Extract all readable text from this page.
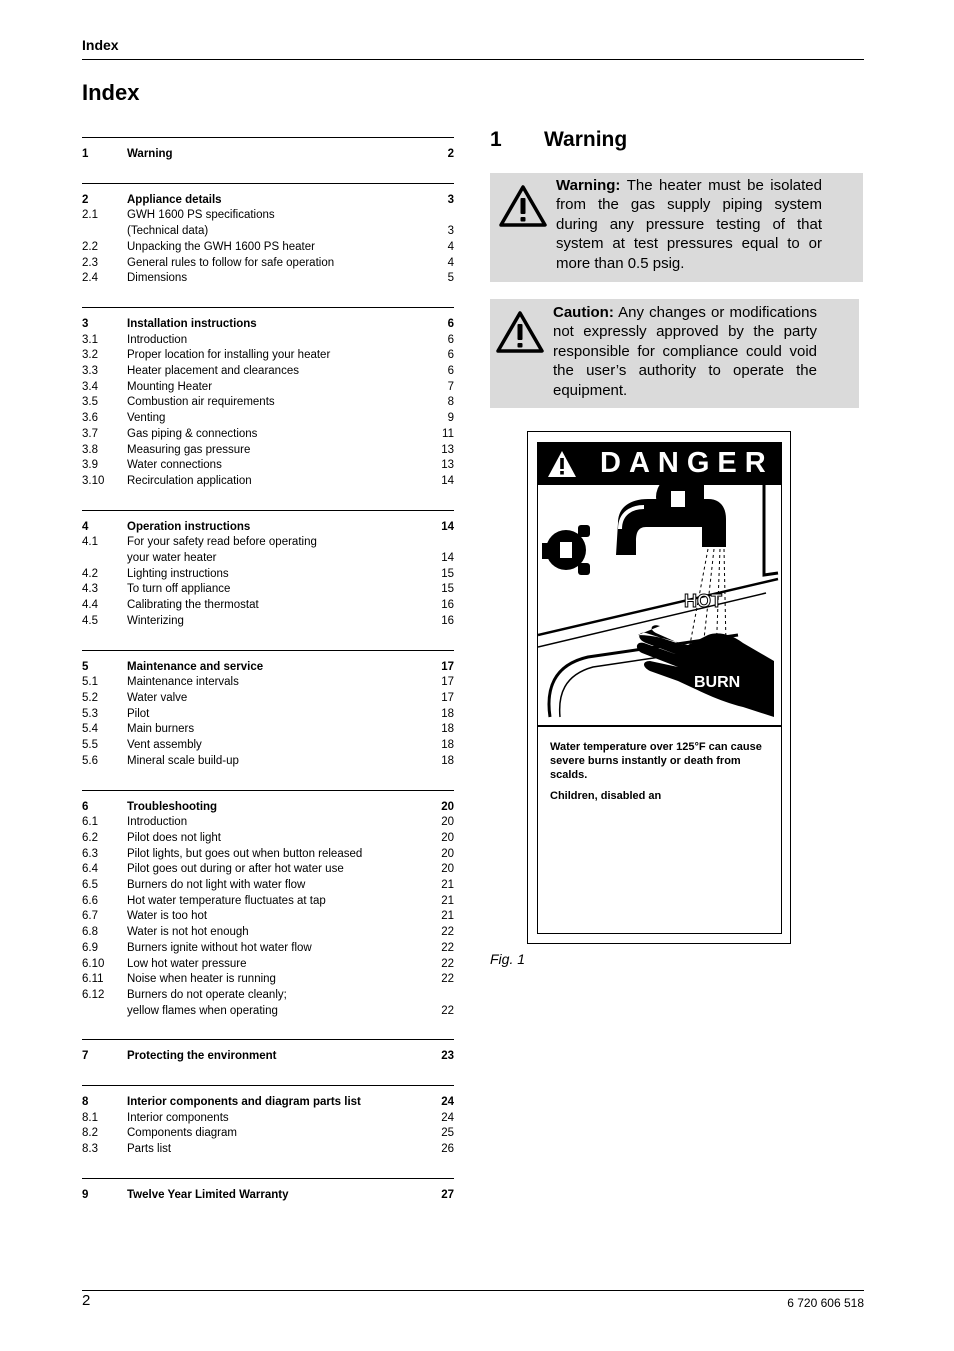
Index
Index
1	Warning	2
2	Appliance details	3
2.1	GWH 1600 PS specifications
(Technical data)	3
2.2	Unpacking the GWH 1600 PS heater	4
2.3	General rules to follow for safe operation	4
2.4	Dimensions	5
3	Installation instructions	6
3.1	Introduction	6
3.2	Proper location for installing your heater	6
3.3	Heater placement and clearances	6
3.4	Mounting Heater	7
3.5	Combustion air requirements	8
3.6	Venting	9
3.7	Gas piping & connections	11
3.8	Measuring gas pressure	13
3.9	Water connections	13
3.10	Recirculation application	14
4	Operation instructions	14
4.1	For your safety read before operating
your water heater	14
4.2	Lighting instructions	15
4.3	To turn off appliance	15
4.4	Calibrating the thermostat	16
4.5	Winterizing	16
5	Maintenance and service	17
5.1	Maintenance intervals	17
5.2	Water valve	17
5.3	Pilot	18
5.4	Main burners	18
5.5	Vent assembly	18
5.6	Mineral scale build-up	18
6	Troubleshooting	20
6.1	Introduction	20
6.2	Pilot does not light	20
6.3	Pilot lights, but goes out when button released	20
6.4	Pilot goes out during or after hot water use	20
6.5	Burners do not light with water flow	21
6.6	Hot water temperature fluctuates at tap	21
6.7	Water is too hot	21
6.8	Water is not hot enough	22
6.9	Burners ignite without hot water flow	22
6.10	Low hot water pressure	22
6.11	Noise when heater is running	22
6.12	Burners do not operate cleanly;
yellow flames when operating	22
7	Protecting the environment	23
8	Interior components and diagram parts list	24
8.1	Interior components	24
8.2	Components diagram	25
8.3	Parts list	26
9	Twelve Year Limited Warranty	27
1 Warning
Warning: The heater must be isolated from the gas supply piping system during any pressure testing of that system at test pressures equal to or more than 0.5 psig.
Caution: Any changes or modifications not expressly approved by the party responsible for compliance could void the user’s authority to operate the equipment.
DANGER
HOT
BURN

Water temperature over 125°F can cause severe burns instantly or death from scalds.

Children, disabled an

Fig. 1
2	6 720 606 518
